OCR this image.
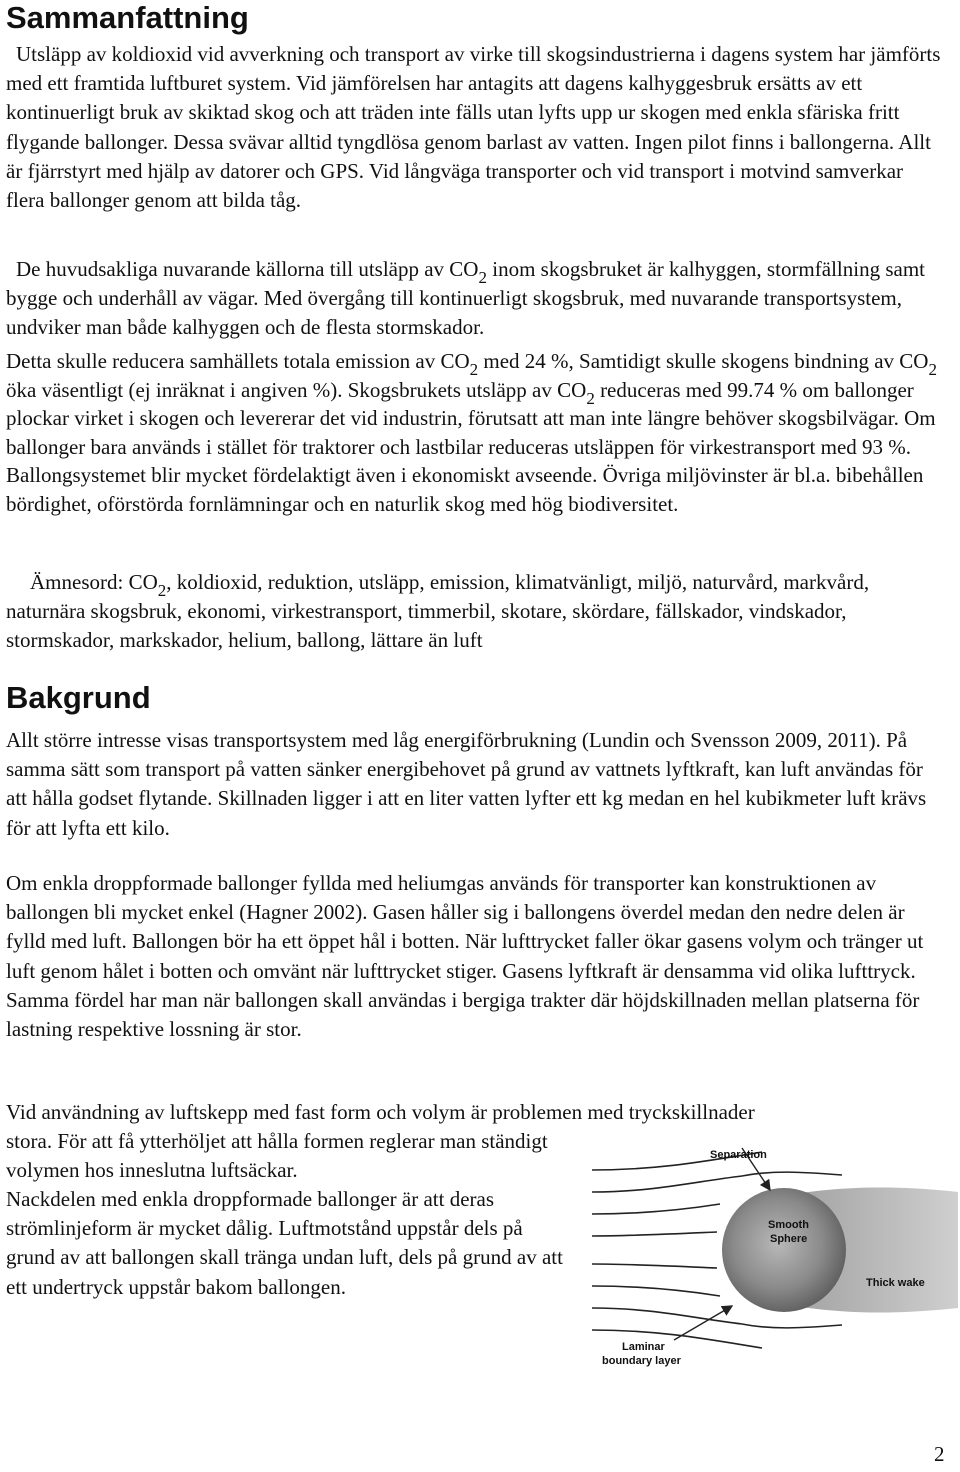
Sammanfattning

Utsläpp av koldioxid vid avverkning och transport av virke till skogsindustrierna i dagens system har jämförts med ett framtida luftburet system. Vid jämförelsen har antagits att dagens kalhyggesbruk ersätts av ett kontinuerligt bruk av skiktad skog och att träden inte fälls utan lyfts upp ur skogen med enkla sfäriska fritt flygande ballonger. Dessa svävar alltid tyngdlösa genom barlast av vatten. Ingen pilot finns i ballongerna. Allt är fjärrstyrt med hjälp av datorer och GPS. Vid långväga transporter och vid transport i motvind samverkar flera ballonger genom att bilda tåg.

De huvudsakliga nuvarande källorna till utsläpp av $CO_2$ inom skogsbruket är kalhyggen, stormfällning samt bygge och underhåll av vägar. Med övergång till kontinuerligt skogsbruk, med nuvarande transportsystem, undviker man både kalhyggen och de flesta stormskador.

Detta skulle reducera samhällets totala emission av $CO_2$ med 24 %, Samtidigt skulle skogens bindning av $CO_2$ öka väsentligt (ej inräknat i angiven %). Skogsbrukets utsläpp av $CO_2$ reduceras med 99.74 % om ballonger plockar virket i skogen och levererar det vid industrin, förutsatt att man inte längre behöver skogsbilvägar. Om ballonger bara används i stället för traktorer och lastbilar reduceras utsläppen för virkestransport med 93 %. Ballongsystemet blir mycket fördelaktigt även i ekonomiskt avseende. Övriga miljövinster är bl.a. bibehållen bördighet, oförstörda fornlämningar och en naturlik skog med hög biodiversitet.

Ämnesord: $CO_2$, koldioxid, reduktion, utsläpp, emission, klimatvänligt, miljö, naturvård, markvård, naturnära skogsbruk, ekonomi, virkestransport, timmerbil, skotare, skördare, fällskador, vindskador, stormskador, markskador, helium, ballong, lättare än luft

Bakgrund

Allt större intresse visas transportsystem med låg energiförbrukning (Lundin och Svensson 2009, 2011). På samma sätt som transport på vatten sänker energibehovet på grund av vattnets lyftkraft, kan luft användas för att hålla godset flytande. Skillnaden ligger i att en liter vatten lyfter ett kg medan en hel kubikmeter luft krävs för att lyfta ett kilo.

Om enkla droppformade ballonger fyllda med heliumgas används för transporter kan konstruktionen av ballongen bli mycket enkel (Hagner 2002). Gasen håller sig i ballongens överdel medan den nedre delen är fylld med luft. Ballongen bör ha ett öppet hål i botten. När lufttrycket faller ökar gasens volym och tränger ut luft genom hålet i botten och omvänt när lufttrycket stiger. Gasens lyftkraft är densamma vid olika lufttryck. Samma fördel har man när ballongen skall användas i bergiga trakter där höjdskillnaden mellan platserna för lastning respektive lossning är stor.

Vid användning av luftskepp med fast form och volym är problemen med tryckskillnader

stora. För att få ytterhöljet att hålla formen reglerar man ständigt volymen hos inneslutna luftsäckar.

Nackdelen med enkla droppformade ballonger är att deras strömlinjeform är mycket dålig. Luftmotstånd uppstår dels på grund av att ballongen skall tränga undan luft, dels på grund av att ett undertryck uppstår bakom ballongen.

Separation
Smooth
Sphere
Thick wake
Laminar
boundary layer
2
